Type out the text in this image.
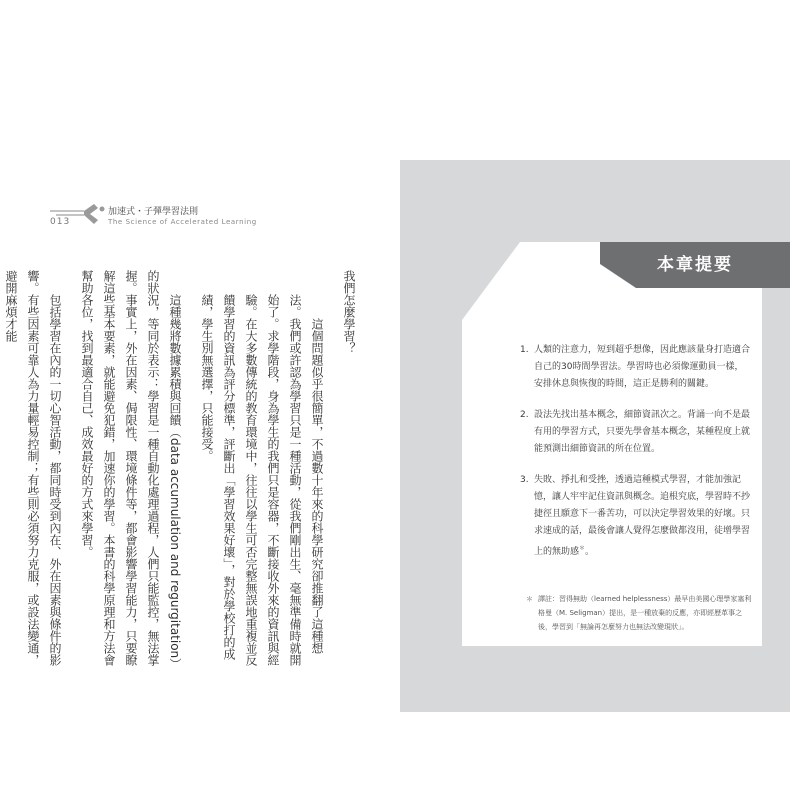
013
加速式・子彈學習法則
The Science of Accelerated Learning

我們怎麼學習？

這個問題似乎很簡單，不過數十年來的科學研究卻推翻了這種想法。我們或許認為學習只是一種活動，從我們剛出生、毫無準備時就開始了。求學階段，身為學生的我們只是容器，不斷接收外來的資訊與經驗。在大多數傳統的教育環境中，往往以學生可否完整無誤地重複並反饋學習的資訊為評分標準，評斷出「學習效果好壞」，對於學校打的成績，學生別無選擇，只能接受。

這種幾將數據累積與回饋（data accumulation and regurgitation）的狀況，等同於表示：學習是一種自動化處理過程，人們只能監控，無法掌握。事實上，外在因素、侷限性、環境條件等，都會影響學習能力，只要瞭解這些基本要素，就能避免犯錯，加速你的學習。本書的科學原理和方法會幫助各位，找到最適合自己、成效最好的方式來學習。

包括學習在內的一切心智活動，都同時受到內在、外在因素與條件的影響。有些因素可靠人為力量輕易控制；有些則必須努力克服，或設法變通，避開麻煩才能

本章提要
1. 人類的注意力，短到超乎想像，因此應該量身打造適合自己的30時間學習法。學習時也必須像運動員一樣，安排休息與恢復的時間，這正是勝利的關鍵。
2. 設法先找出基本概念，細節資訊次之。背誦一向不是最有用的學習方式，只要先學會基本概念，某種程度上就能預測出細節資訊的所在位置。
3. 失敗、掙扎和受挫，透過這種模式學習，才能加強記憶，讓人牢牢記住資訊與概念。追根究底，學習時不抄捷徑且願意下一番苦功，可以決定學習效果的好壞。只求速成的話，最後會讓人覺得怎麼做都沒用，徒增學習上的無助感＊。
＊ 譯註：習得無助（learned helplessness）最早由美國心理學家塞利格曼（M. Seligman）提出，是一種放棄的反應，亦即經歷革事之後，學習到「無論再怎麼努力也無法改變現狀」。
